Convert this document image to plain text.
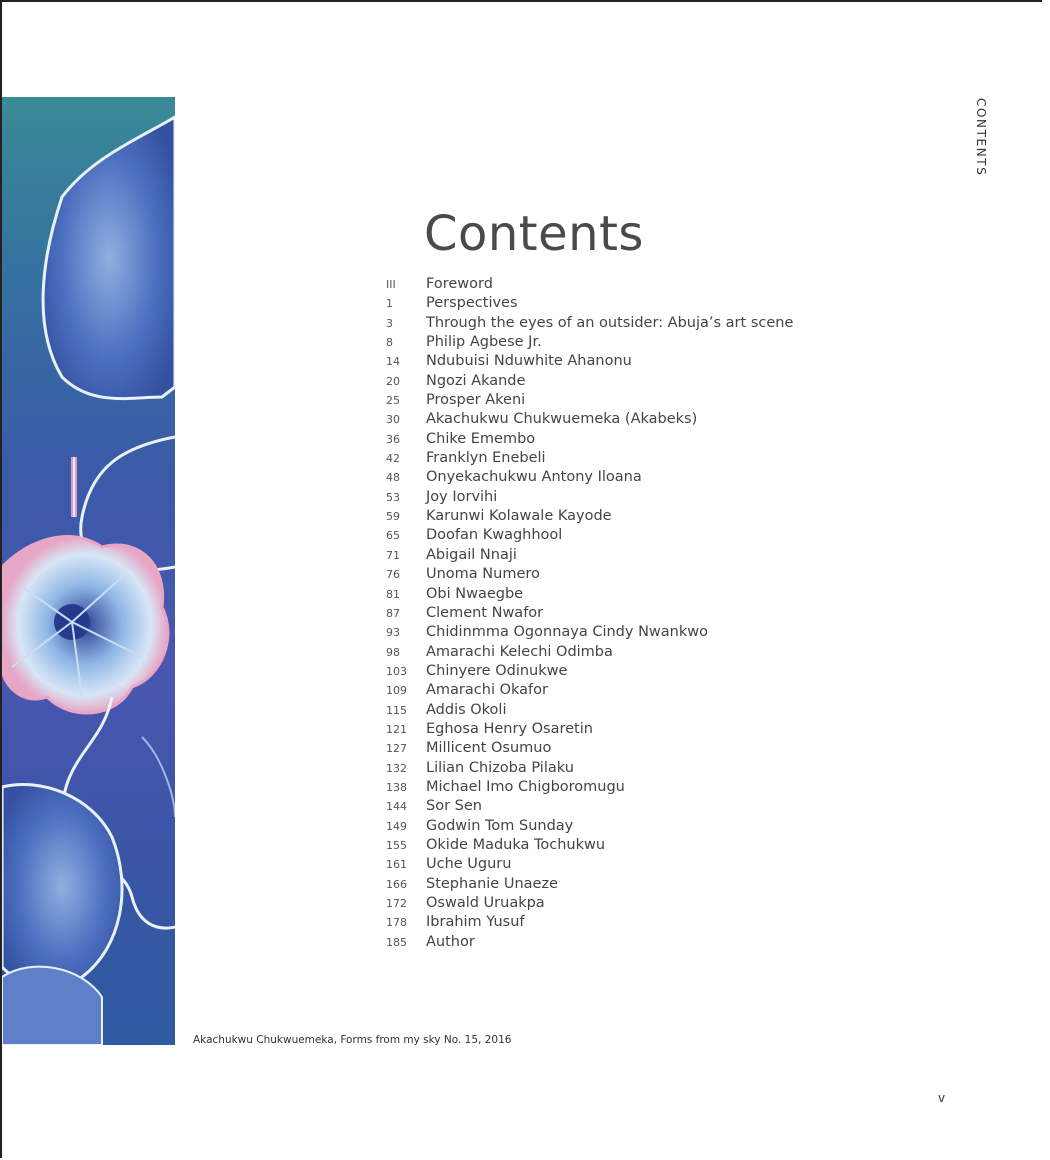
CONTENTS
Contents
III	Foreword
1	Perspectives
3	Through the eyes of an outsider: Abuja’s art scene
8	Philip Agbese Jr.
14	Ndubuisi Nduwhite Ahanonu
20	Ngozi Akande
25	Prosper Akeni
30	Akachukwu Chukwuemeka (Akabeks)
36	Chike Emembo
42	Franklyn Enebeli
48	Onyekachukwu Antony Iloana
53	Joy Iorvihi
59	Karunwi Kolawale Kayode
65	Doofan Kwaghhool
71	Abigail Nnaji
76	Unoma Numero
81	Obi Nwaegbe
87	Clement Nwafor
93	Chidinmma Ogonnaya Cindy Nwankwo
98	Amarachi Kelechi Odimba
103	Chinyere Odinukwe
109	Amarachi Okafor
115	Addis Okoli
121	Eghosa Henry Osaretin
127	Millicent Osumuo
132	Lilian Chizoba Pilaku
138	Michael Imo Chigboromugu
144	Sor Sen
149	Godwin Tom Sunday
155	Okide Maduka Tochukwu
161	Uche Uguru
166	Stephanie Unaeze
172	Oswald Uruakpa
178	Ibrahim Yusuf
185	Author
Akachukwu Chukwuemeka, Forms from my sky No. 15, 2016
v
